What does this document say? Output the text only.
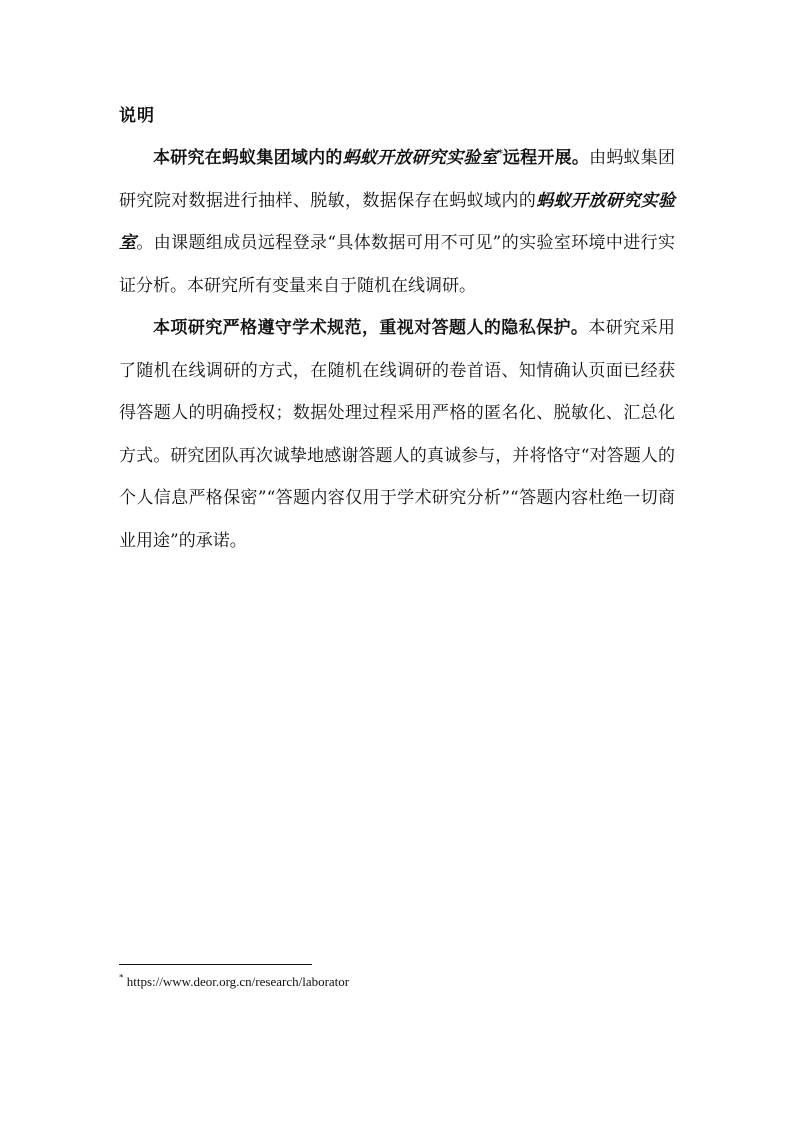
说明

本研究在蚂蚁集团域内的蚂蚁开放研究实验室*远程开展。由蚂蚁集团研究院对数据进行抽样、脱敏，数据保存在蚂蚁域内的蚂蚁开放研究实验室。由课题组成员远程登录“具体数据可用不可见”的实验室环境中进行实证分析。本研究所有变量来自于随机在线调研。

本项研究严格遵守学术规范，重视对答题人的隐私保护。本研究采用了随机在线调研的方式，在随机在线调研的卷首语、知情确认页面已经获得答题人的明确授权；数据处理过程采用严格的匿名化、脱敏化、汇总化方式。研究团队再次诚挚地感谢答题人的真诚参与，并将恪守“对答题人的个人信息严格保密”“答题内容仅用于学术研究分析”“答题内容杜绝一切商业用途”的承诺。

* https://www.deor.org.cn/research/laborator
